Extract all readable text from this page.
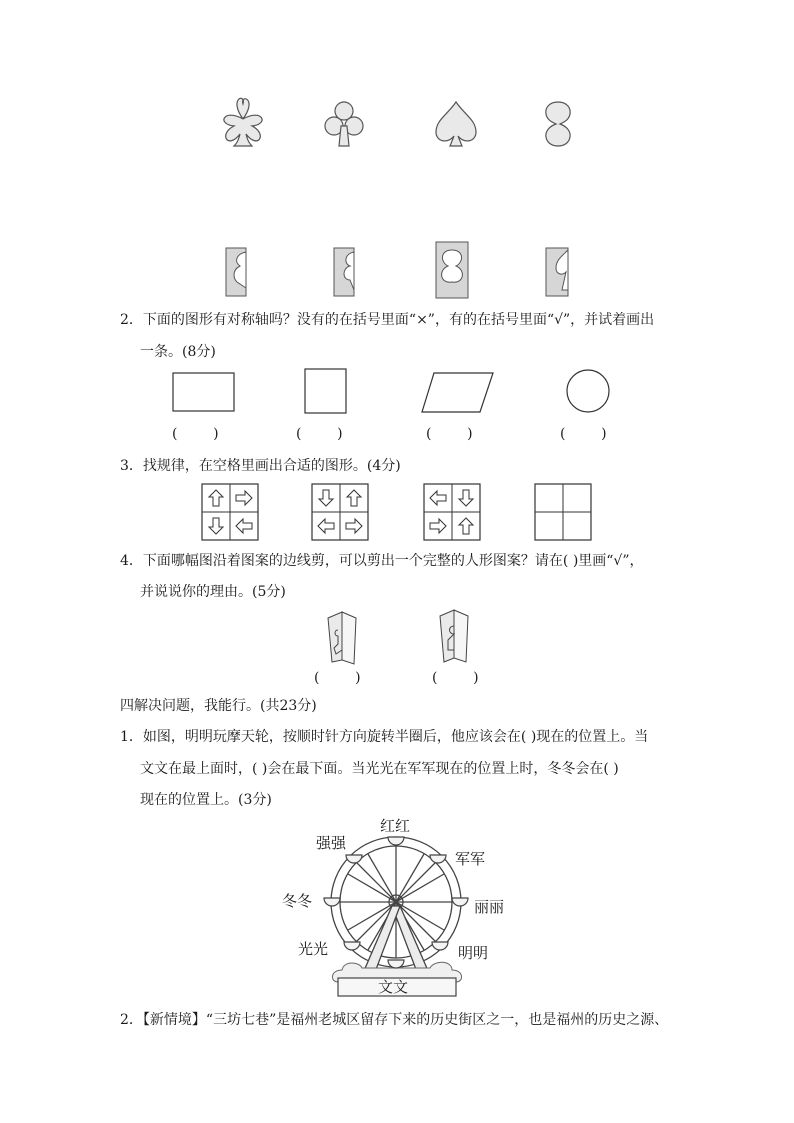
2．下面的图形有对称轴吗？没有的在括号里面“×”，有的在括号里面“√”，并试着画出
一条。(8分)
(        )	(        )	(        )	(        )
3．找规律，在空格里画出合适的图形。(4分)
4．下面哪幅图沿着图案的边线剪，可以剪出一个完整的人形图案？请在( )里画“√”，
并说说你的理由。(5分)
(        )	(        )
四解决问题，我能行。(共23分)
1．如图，明明玩摩天轮，按顺时针方向旋转半圈后，他应该会在( )现在的位置上。当
文文在最上面时，( )会在最下面。当光光在军军现在的位置上时，冬冬会在( )
现在的位置上。(3分)
红红
强强
军军
冬冬	丽丽
光光	明明
文文
2．【新情境】“三坊七巷”是福州老城区留存下来的历史街区之一，也是福州的历史之源、
